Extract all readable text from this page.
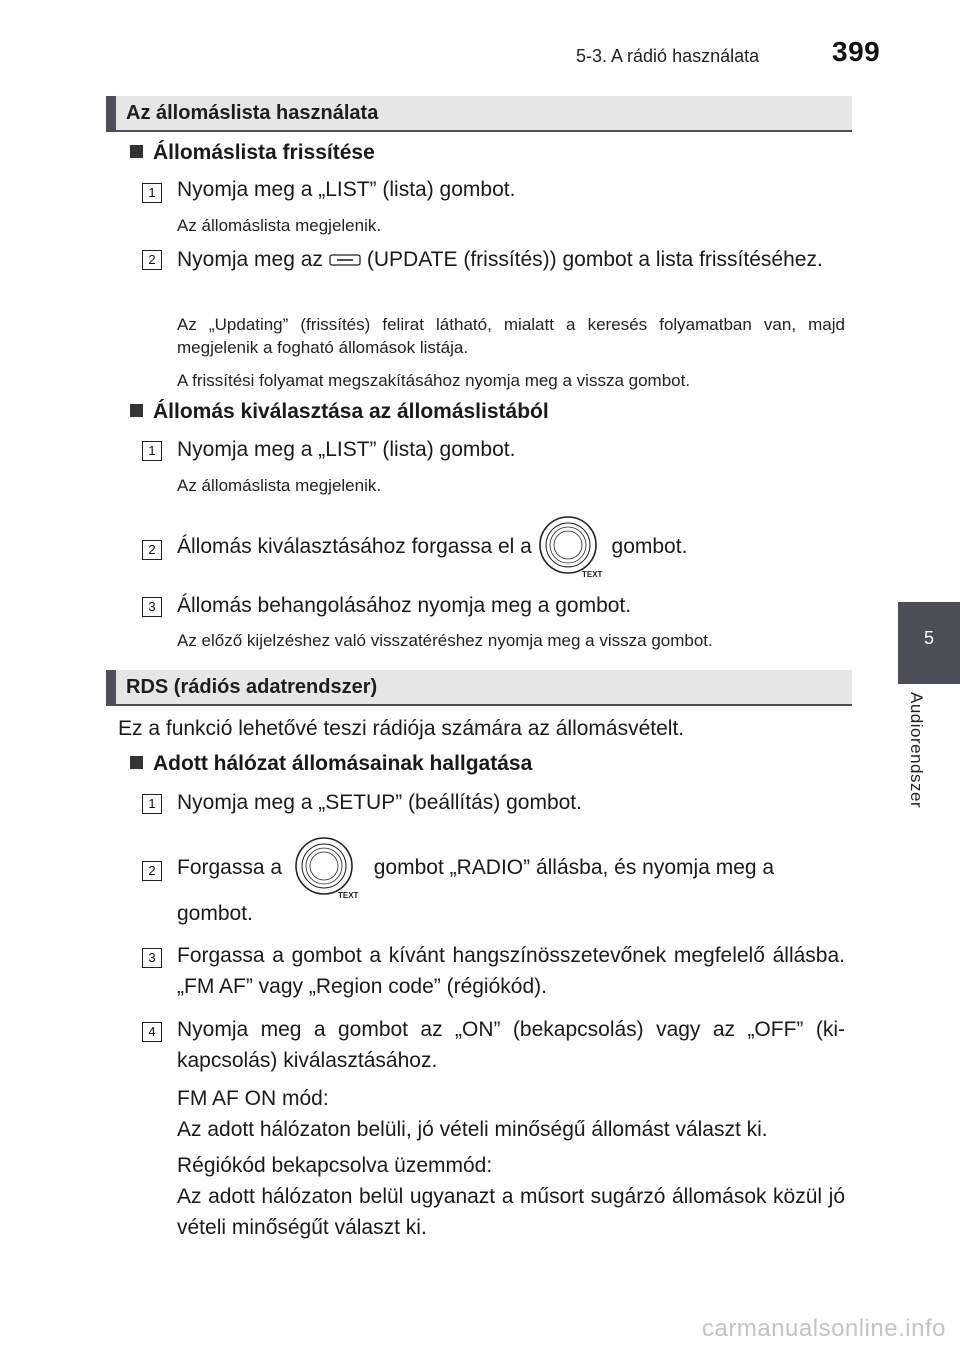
5-3. A rádió használata	399
5
Audiorendszer
Az állomáslista használata
Állomáslista frissítése
1	Nyomja meg a „LIST” (lista) gombot.
Az állomáslista megjelenik.
2	Nyomja meg az (UPDATE (frissítés)) gombot a lista frissítéséhez.
Az „Updating” (frissítés) felirat látható, mialatt a keresés folyamatban van, majd megjelenik a fogható állomások listája.
A frissítési folyamat megszakításához nyomja meg a vissza gombot.
Állomás kiválasztása az állomáslistából
1	Nyomja meg a „LIST” (lista) gombot.
Az állomáslista megjelenik.
2	Állomás kiválasztásához forgassa el a
TEXT
gombot.
3	Állomás behangolásához nyomja meg a gombot.
Az előző kijelzéshez való visszatéréshez nyomja meg a vissza gombot.
RDS (rádiós adatrendszer)
Ez a funkció lehetővé teszi rádiója számára az állomásvételt.
Adott hálózat állomásainak hallgatása
1	Nyomja meg a „SETUP” (beállítás) gombot.
2	Forgassa a
TEXT
gombot „RADIO” állásba, és nyomja meg a
gombot.
3	Forgassa a gombot a kívánt hangszínösszetevőnek megfelelő állásba. „FM AF” vagy „Region code” (régiókód).
4	Nyomja meg a gombot az „ON” (bekapcsolás) vagy az „OFF” (kikapcsolás) kiválasztásához.
FM AF ON mód:
Az adott hálózaton belüli, jó vételi minőségű állomást választ ki.
Régiókód bekapcsolva üzemmód:
Az adott hálózaton belül ugyanazt a műsort sugárzó állomások közül jó vételi minőségűt választ ki.
carmanualsonline.info
